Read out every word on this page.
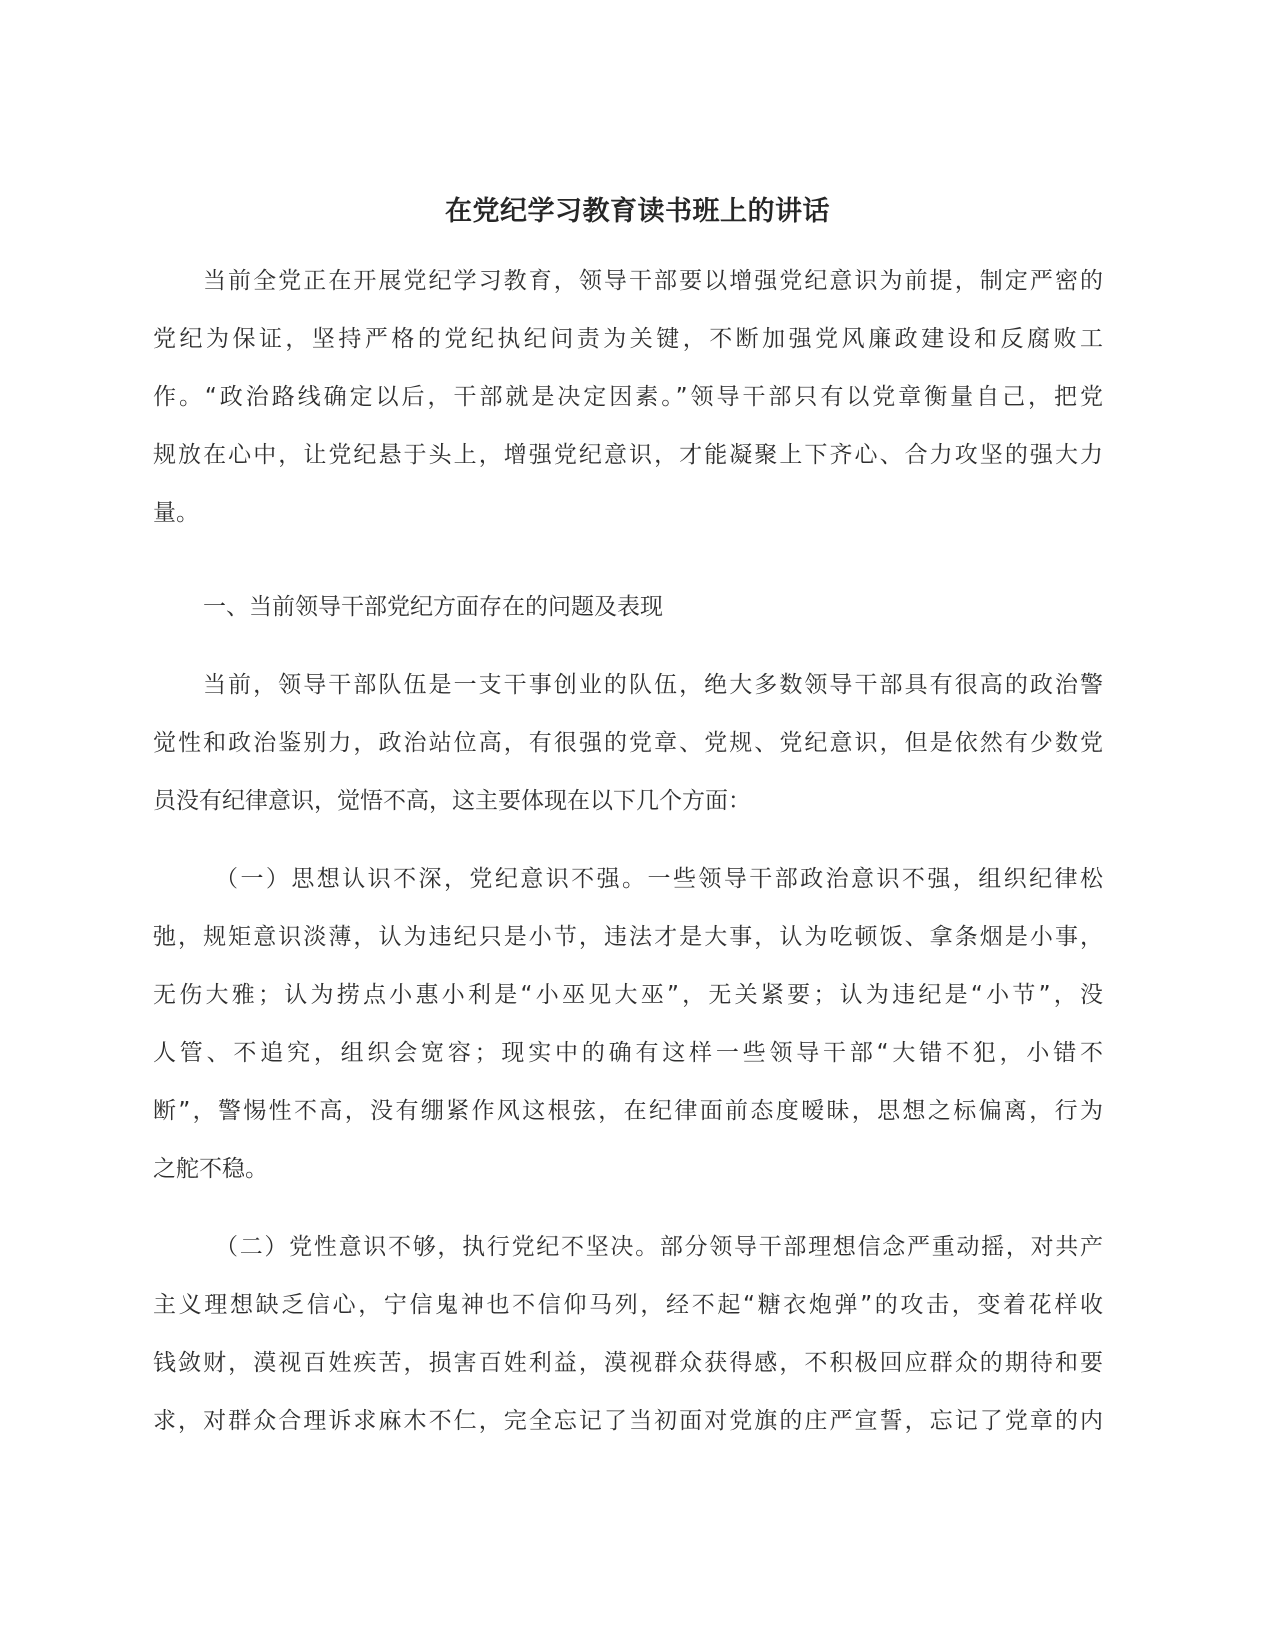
在党纪学习教育读书班上的讲话
当前全党正在开展党纪学习教育，领导干部要以增强党纪意识为前提，制定严密的
党纪为保证，坚持严格的党纪执纪问责为关键，不断加强党风廉政建设和反腐败工
作。“政治路线确定以后，干部就是决定因素。”领导干部只有以党章衡量自己，把党
规放在心中，让党纪悬于头上，增强党纪意识，才能凝聚上下齐心、合力攻坚的强大力
量。
一、当前领导干部党纪方面存在的问题及表现
当前，领导干部队伍是一支干事创业的队伍，绝大多数领导干部具有很高的政治警
觉性和政治鉴别力，政治站位高，有很强的党章、党规、党纪意识，但是依然有少数党
员没有纪律意识，觉悟不高，这主要体现在以下几个方面：
（一）思想认识不深，党纪意识不强。一些领导干部政治意识不强，组织纪律松
弛，规矩意识淡薄，认为违纪只是小节，违法才是大事，认为吃顿饭、拿条烟是小事，
无伤大雅；认为捞点小惠小利是“小巫见大巫”，无关紧要；认为违纪是“小节”，没
人管、不追究，组织会宽容；现实中的确有这样一些领导干部“大错不犯，小错不
断”，警惕性不高，没有绷紧作风这根弦，在纪律面前态度暧昧，思想之标偏离，行为
之舵不稳。
（二）党性意识不够，执行党纪不坚决。部分领导干部理想信念严重动摇，对共产
主义理想缺乏信心，宁信鬼神也不信仰马列，经不起“糖衣炮弹”的攻击，变着花样收
钱敛财，漠视百姓疾苦，损害百姓利益，漠视群众获得感，不积极回应群众的期待和要
求，对群众合理诉求麻木不仁，完全忘记了当初面对党旗的庄严宣誓，忘记了党章的内
